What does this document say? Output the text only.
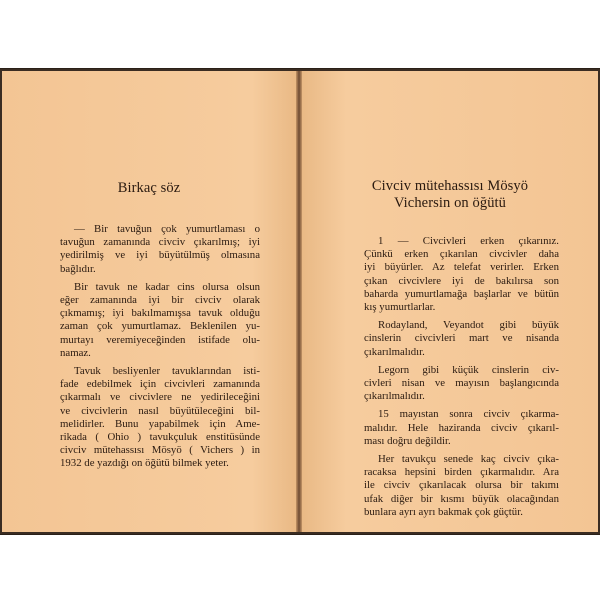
Birkaç söz
— Bir tavuğun çok yumurtlaması o
tavuğun zamanında civciv çıkarılmış; iyi
yedirilmiş ve iyi büyütülmüş olmasına
bağlıdır.
Bir tavuk ne kadar cins olursa olsun
eğer zamanında iyi bir civciv olarak
çıkmamış; iyi bakılmamışsa tavuk olduğu
zaman çok yumurtlamaz. Beklenilen yu-
murtayı veremiyeceğinden istifade olu-
namaz.
Tavuk besliyenler tavuklarından isti-
fade edebilmek için civcivleri zamanında
çıkarmalı ve civcivlere ne yedirileceğini
ve civcivlerin nasıl büyütüleceğini bil-
melidirler. Bunu yapabilmek için Ame-
rikada ( Ohio ) tavukçuluk enstitüsünde
civciv mütehassısı Mösyö ( Vichers ) in
1932 de yazdığı on öğütü bilmek yeter.
Civciv mütehassısı Mösyö
Vichersin on öğütü
1 — Civcivleri erken çıkarınız.
Çünkü erken çıkarılan civcivler daha
iyi büyürler. Az telefat verirler. Erken
çıkan civcivlere iyi de bakılırsa son
baharda yumurtlamağa başlarlar ve bütün
kış yumurtlarlar.
Rodayland, Veyandot gibi büyük
cinslerin civcivleri mart ve nisanda
çıkarılmalıdır.
Legorn gibi küçük cinslerin civ-
civleri nisan ve mayısın başlangıcında
çıkarılmalıdır.
15 mayıstan sonra civciv çıkarma-
malıdır. Hele haziranda civciv çıkarıl-
ması doğru değildir.
Her tavukçu senede kaç civciv çıka-
racaksa hepsini birden çıkarmalıdır. Ara
ile civciv çıkarılacak olursa bir takımı
ufak diğer bir kısmı büyük olacağından
bunlara ayrı ayrı bakmak çok güçtür.
